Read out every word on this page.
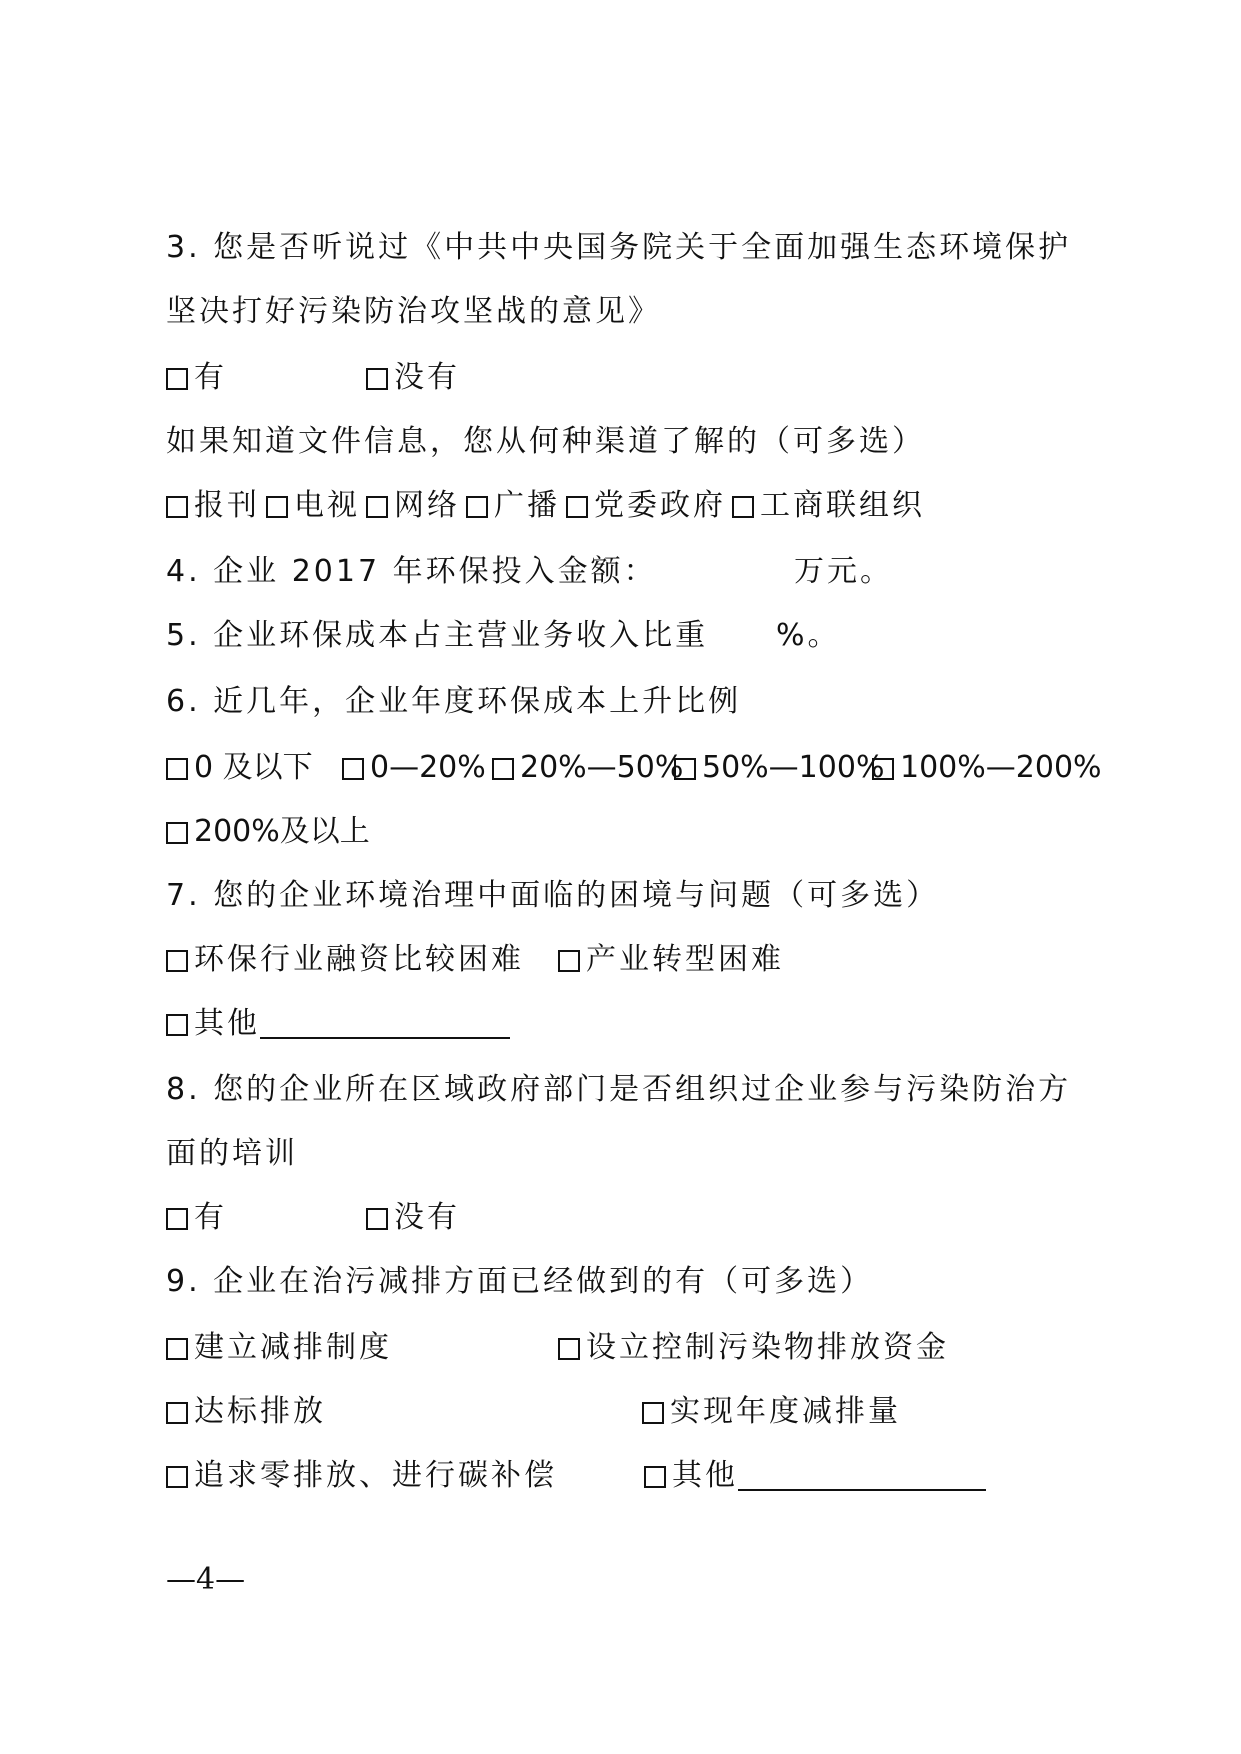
3. 您是否听说过《中共中央国务院关于全面加强生态环境保护
坚决打好污染防治攻坚战的意见》
有	没有
如果知道文件信息，您从何种渠道了解的（可多选）
报刊	电视	网络	广播	党委政府	工商联组织
4. 企业 2017 年环保投入金额：	万元。
5. 企业环保成本占主营业务收入比重 %。
6. 近几年，企业年度环保成本上升比例
0 及以下	0—20%	20%—50% 50%—100% 100%—200%
200%及以上
7. 您的企业环境治理中面临的困境与问题（可多选）
环保行业融资比较困难	产业转型困难
其他
8. 您的企业所在区域政府部门是否组织过企业参与污染防治方
面的培训
有	没有
9. 企业在治污减排方面已经做到的有（可多选）
建立减排制度	设立控制污染物排放资金
达标排放	实现年度减排量
追求零排放、进行碳补偿	其他
—4—
